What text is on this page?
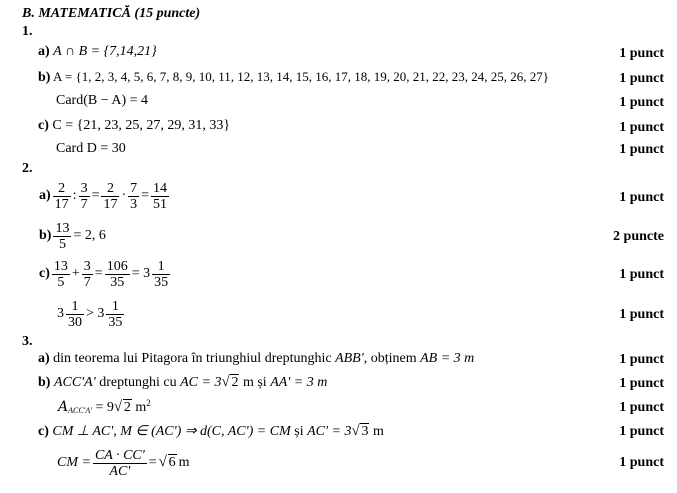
B. MATEMATICĂ (15 puncte)
1.
a) A ∩ B = {7,14,21}	1 punct
b) A = {1, 2, 3, 4, 5, 6, 7, 8, 9, 10, 11, 12, 13, 14, 15, 16, 17, 18, 19, 20, 21, 22, 23, 24, 25, 26, 27}	1 punct
Card(B − A) = 4	1 punct
c) C = {21, 23, 25, 27, 29, 31, 33}	1 punct
Card D = 30	1 punct
2.
$a) \frac{2}{17}$ : $\frac{3}{7} = \frac{2}{17} \cdot \frac{7}{3} = \frac{14}{51}$	1 punct
$b) \frac{13}{5} = 2$, 6	2 puncte
$c) \frac{13}{5} + \frac{3}{7} = \frac{106}{35} = 3 \frac{1}{35}$	1 punct
$3 \frac{1}{30} > 3 \frac{1}{35}$	1 punct
3.
a) din teorema lui Pitagora în triunghiul dreptunghic ABB', obținem AB = 3 m	1 punct
b) ACC'A' dreptunghi cu AC = 3 √ 2 m și AA' = 3 m	1 punct
$A_{ACC'A'} = 9$ √ 2 $m^2$	1 punct
c) CM ⊥ AC', M ∈ (AC') ⇒ d(C, AC') = CM și AC' = 3 √ 3 m	1 punct
CM = $\frac{CA \cdot CC'}{AC'}$ = √ 6 m	1 punct
